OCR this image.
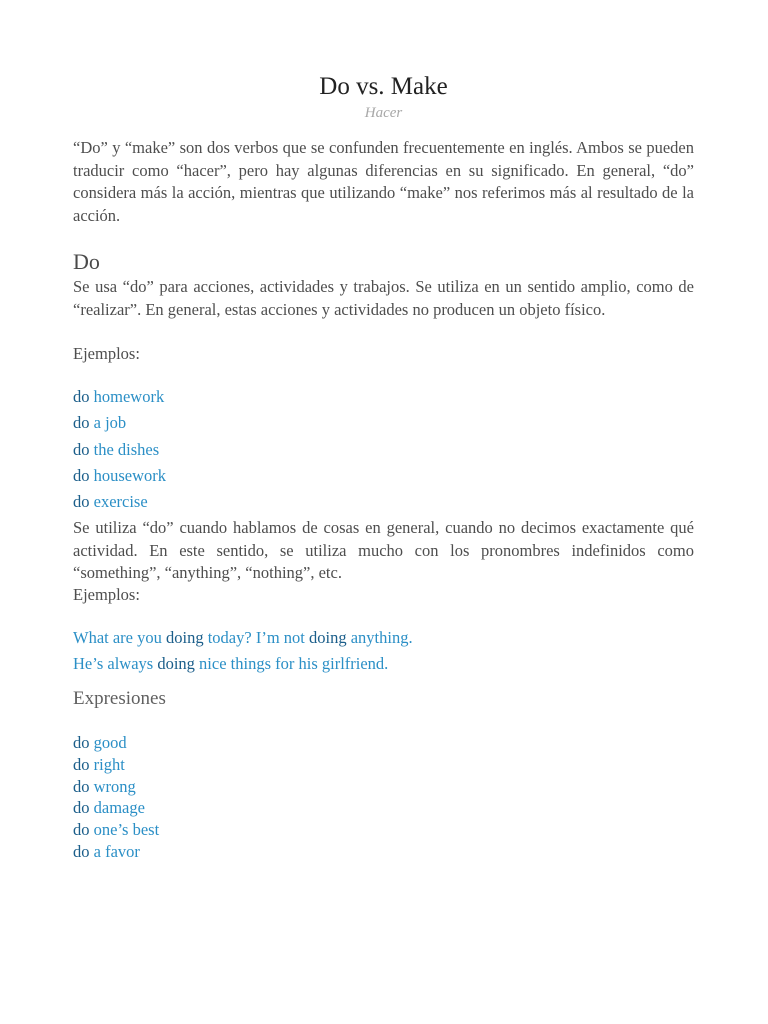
Do vs. Make
Hacer

“Do” y “make” son dos verbos que se confunden frecuentemente en inglés. Ambos se pueden traducir como “hacer”, pero hay algunas diferencias en su significado. En general, “do” considera más la acción, mientras que utilizando “make” nos referimos más al resultado de la acción.

Do

Se usa “do” para acciones, actividades y trabajos. Se utiliza en un sentido amplio, como de “realizar”. En general, estas acciones y actividades no producen un objeto físico.

Ejemplos:
do homework
do a job
do the dishes
do housework
do exercise

Se utiliza “do” cuando hablamos de cosas en general, cuando no decimos exactamente qué actividad. En este sentido, se utiliza mucho con los pronombres indefinidos como “something”, “anything”, “nothing”, etc.

Ejemplos:
What are you doing today? I’m not doing anything.
He’s always doing nice things for his girlfriend.
Expresiones
do good
do right
do wrong
do damage
do one’s best
do a favor
